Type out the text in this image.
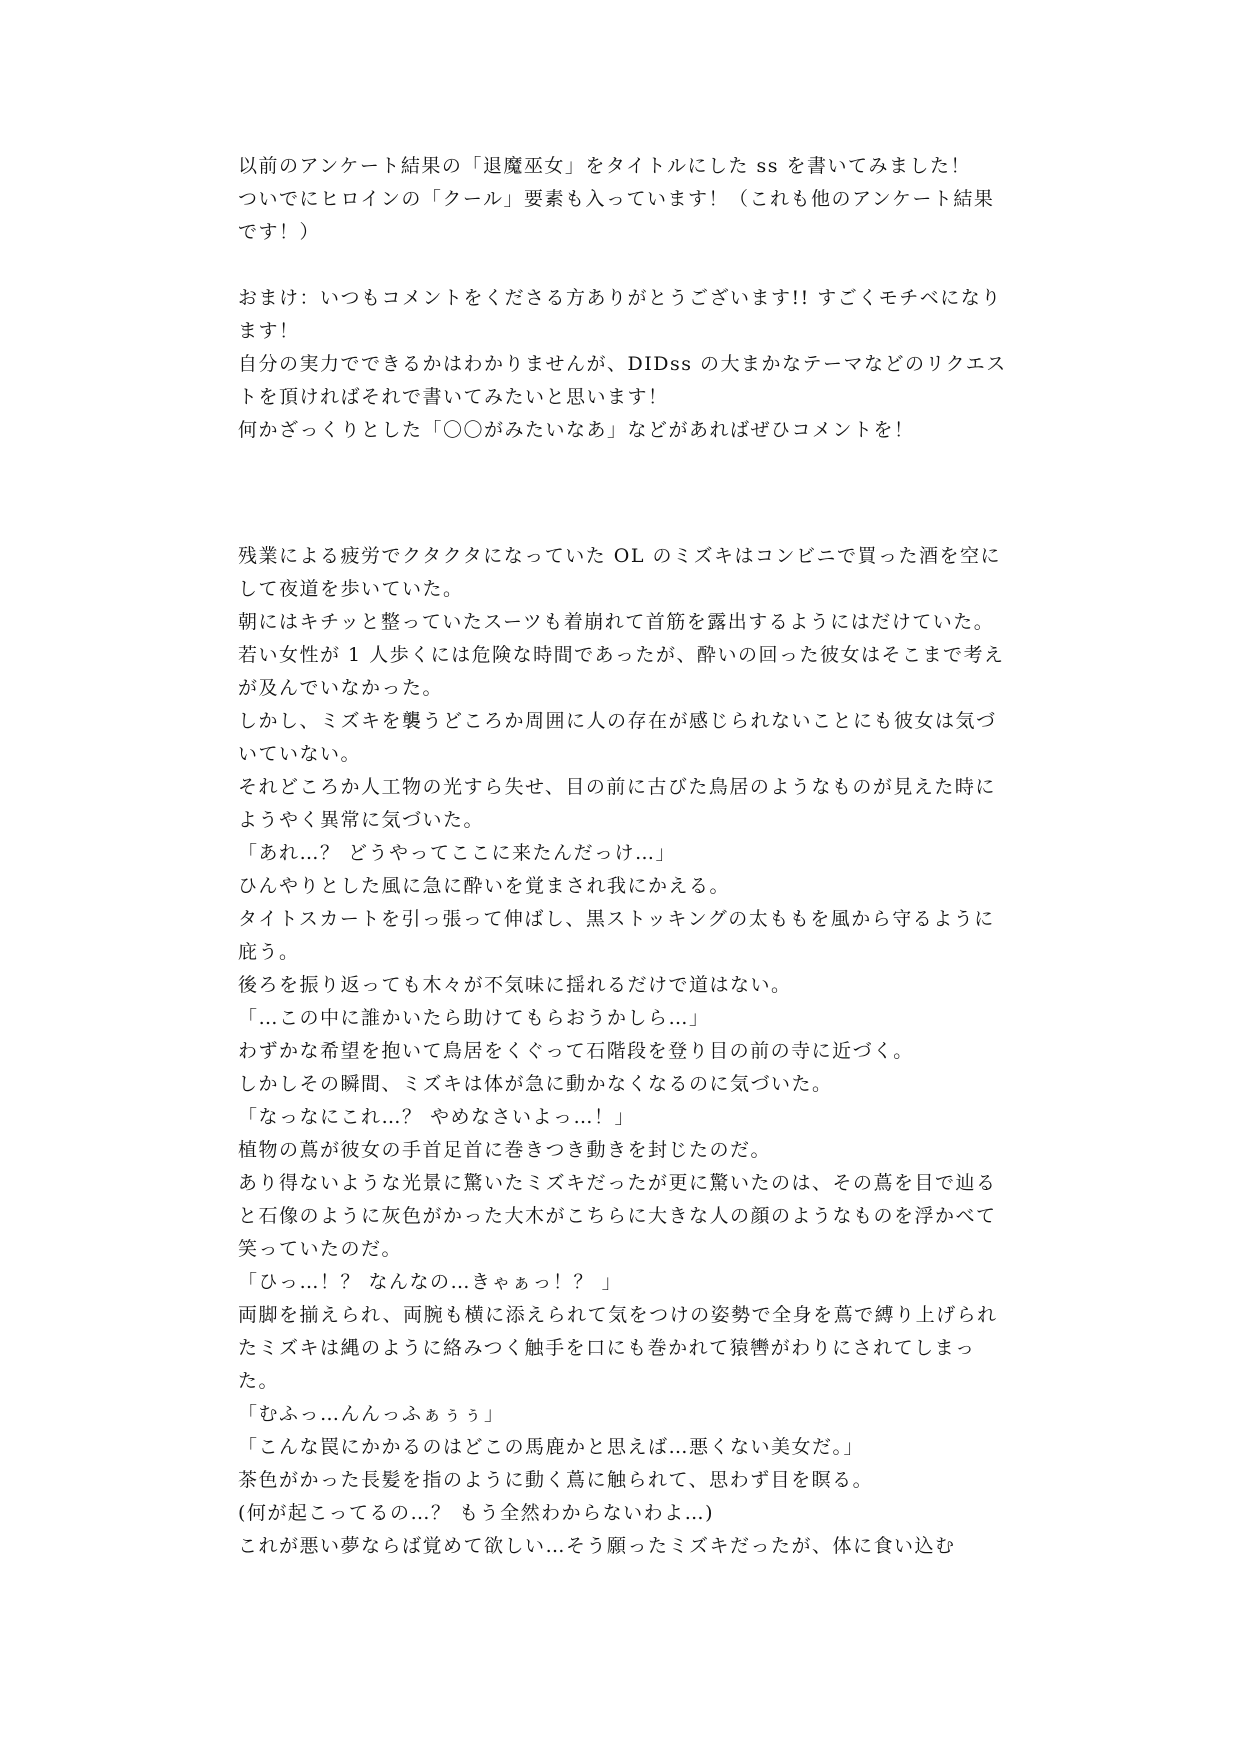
以前のアンケート結果の「退魔巫女」をタイトルにした ss を書いてみました！

ついでにヒロインの「クール」要素も入っています！（これも他のアンケート結果です！）

おまけ：いつもコメントをくださる方ありがとうございます!! すごくモチベになります！

自分の実力でできるかはわかりませんが、DIDss の大まかなテーマなどのリクエストを頂ければそれで書いてみたいと思います！

何かざっくりとした「〇〇がみたいなあ」などがあればぜひコメントを！

残業による疲労でクタクタになっていた OL のミズキはコンビニで買った酒を空にして夜道を歩いていた。

朝にはキチッと整っていたスーツも着崩れて首筋を露出するようにはだけていた。

若い女性が 1 人歩くには危険な時間であったが、酔いの回った彼女はそこまで考えが及んでいなかった。

しかし、ミズキを襲うどころか周囲に人の存在が感じられないことにも彼女は気づいていない。

それどころか人工物の光すら失せ、目の前に古びた鳥居のようなものが見えた時にようやく異常に気づいた。

「あれ…？ どうやってここに来たんだっけ…」

ひんやりとした風に急に酔いを覚まされ我にかえる。

タイトスカートを引っ張って伸ばし、黒ストッキングの太ももを風から守るように庇う。

後ろを振り返っても木々が不気味に揺れるだけで道はない。

「…この中に誰かいたら助けてもらおうかしら…」

わずかな希望を抱いて鳥居をくぐって石階段を登り目の前の寺に近づく。

しかしその瞬間、ミズキは体が急に動かなくなるのに気づいた。

「なっなにこれ…？ やめなさいよっ…！」

植物の蔦が彼女の手首足首に巻きつき動きを封じたのだ。

あり得ないような光景に驚いたミズキだったが更に驚いたのは、その蔦を目で辿ると石像のように灰色がかった大木がこちらに大きな人の顔のようなものを浮かべて笑っていたのだ。

「ひっ…！？ なんなの…きゃぁっ！？ 」

両脚を揃えられ、両腕も横に添えられて気をつけの姿勢で全身を蔦で縛り上げられたミズキは縄のように絡みつく触手を口にも巻かれて猿轡がわりにされてしまった。

「むふっ…んんっふぁぅぅ」

「こんな罠にかかるのはどこの馬鹿かと思えば…悪くない美女だ。」

茶色がかった長髪を指のように動く蔦に触られて、思わず目を瞑る。

(何が起こってるの…？ もう全然わからないわよ…)

これが悪い夢ならば覚めて欲しい…そう願ったミズキだったが、体に食い込む
